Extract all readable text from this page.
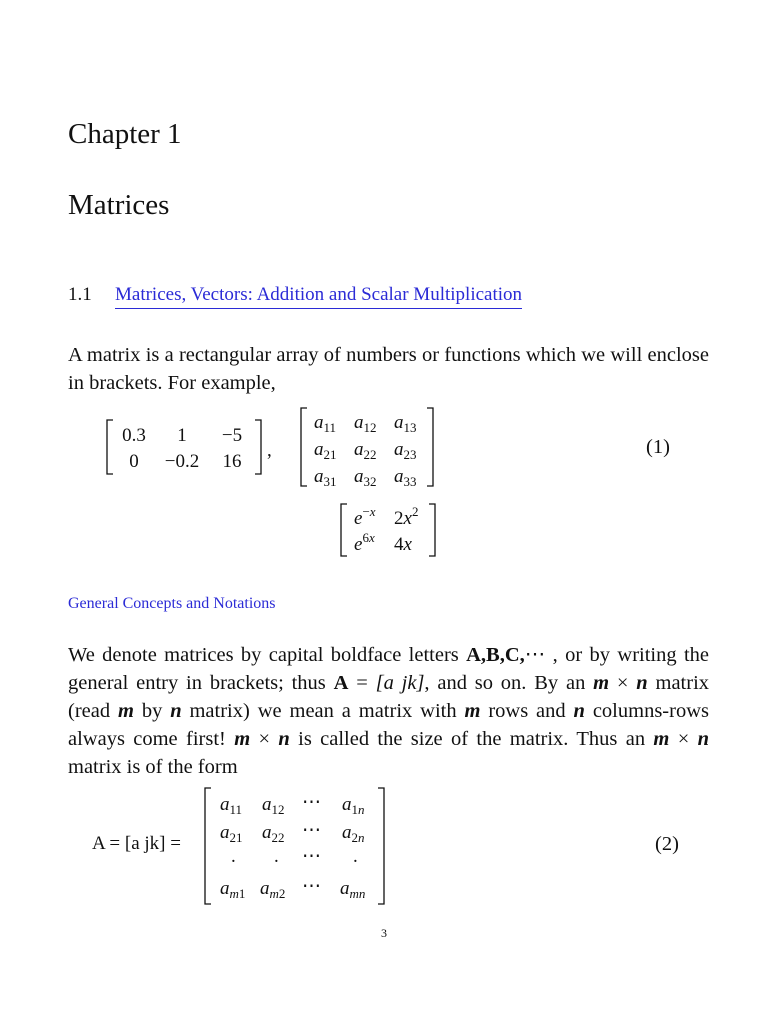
Chapter 1
Matrices
1.1 Matrices, Vectors: Addition and Scalar Multiplication
A matrix is a rectangular array of numbers or functions which we will enclose in brackets. For example,
0.3 1 −5
0 −0.2 16
,
$a_{11}$ $a_{12}$ $a_{13}$
$a_{21}$ $a_{22}$ $a_{23}$
$a_{31}$ $a_{32}$ $a_{33}$
(1)
$e^{-x}$ $2x^2$
$e^{6x}$ 4x
General Concepts and Notations
We denote matrices by capital boldface letters A,B,C,⋯ , or by writing the general entry in brackets; thus A = [a jk], and so on. By an m × n matrix (read m by n matrix) we mean a matrix with m rows and n columns-rows always come first! m × n is called the size of the matrix. Thus an m × n matrix is of the form
A = [a jk] =
$a_{11}$ $a_{12}$ ⋯ $a_{1n}$
$a_{21}$ $a_{22}$ ⋯ $a_{2n}$
. . ⋯ .
$a_{m1}$ $a_{m2}$ ⋯ $a_{mn}$
(2)
3
